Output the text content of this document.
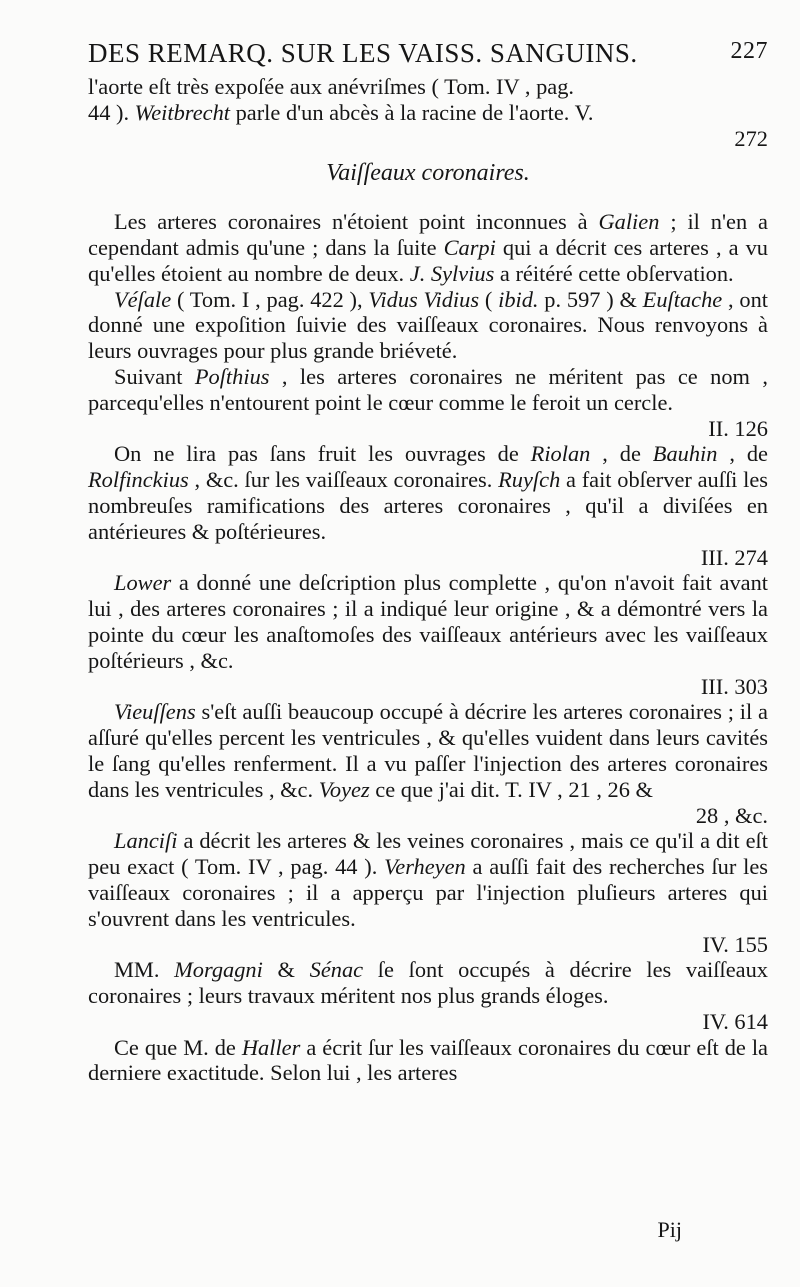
DES REMARQ. SUR LES VAISS. SANGUINS.	227

l'aorte eſt très expoſée aux anévriſmes ( Tom. IV , pag.

44 ). Weitbrecht parle d'un abcès à la racine de l'aorte. V.

272

Vaiſſeaux coronaires.

Les arteres coronaires n'étoient point inconnues à Galien ; il n'en a cependant admis qu'une ; dans la ſuite Carpi qui a décrit ces arteres , a vu qu'elles étoient au nombre de deux. J. Sylvius a réitéré cette obſervation.

Véſale ( Tom. I , pag. 422 ), Vidus Vidius ( ibid. p. 597 ) & Euſtache , ont donné une expoſition ſuivie des vaiſſeaux coronaires. Nous renvoyons à leurs ouvrages pour plus grande briéveté.

Suivant Poſthius , les arteres coronaires ne méritent pas ce nom , parcequ'elles n'entourent point le cœur comme le feroit un cercle.

II. 126

On ne lira pas ſans fruit les ouvrages de Riolan , de Bauhin , de Rolfinckius , &c. ſur les vaiſſeaux coronaires. Ruyſch a fait obſerver auſſi les nombreuſes ramifications des arteres coronaires , qu'il a diviſées en antérieures & poſtérieures.

III. 274

Lower a donné une deſcription plus complette , qu'on n'avoit fait avant lui , des arteres coronaires ; il a indiqué leur origine , & a démontré vers la pointe du cœur les anaſtomoſes des vaiſſeaux antérieurs avec les vaiſſeaux poſtérieurs , &c.

III. 303

Vieuſſens s'eſt auſſi beaucoup occupé à décrire les arteres coronaires ; il a aſſuré qu'elles percent les ventricules , & qu'elles vuident dans leurs cavités le ſang qu'elles renferment. Il a vu paſſer l'injection des arteres coronaires dans les ventricules , &c. Voyez ce que j'ai dit. T. IV , 21 , 26 &

28 , &c.

Lanciſi a décrit les arteres & les veines coronaires , mais ce qu'il a dit eſt peu exact ( Tom. IV , pag. 44 ). Verheyen a auſſi fait des recherches ſur les vaiſſeaux coronaires ; il a apperçu par l'injection pluſieurs arteres qui s'ouvrent dans les ventricules.

IV. 155

MM. Morgagni & Sénac ſe ſont occupés à décrire les vaiſſeaux coronaires ; leurs travaux méritent nos plus grands éloges.

IV. 614

Ce que M. de Haller a écrit ſur les vaiſſeaux coronaires du cœur eſt de la derniere exactitude. Selon lui , les arteres

Pij
